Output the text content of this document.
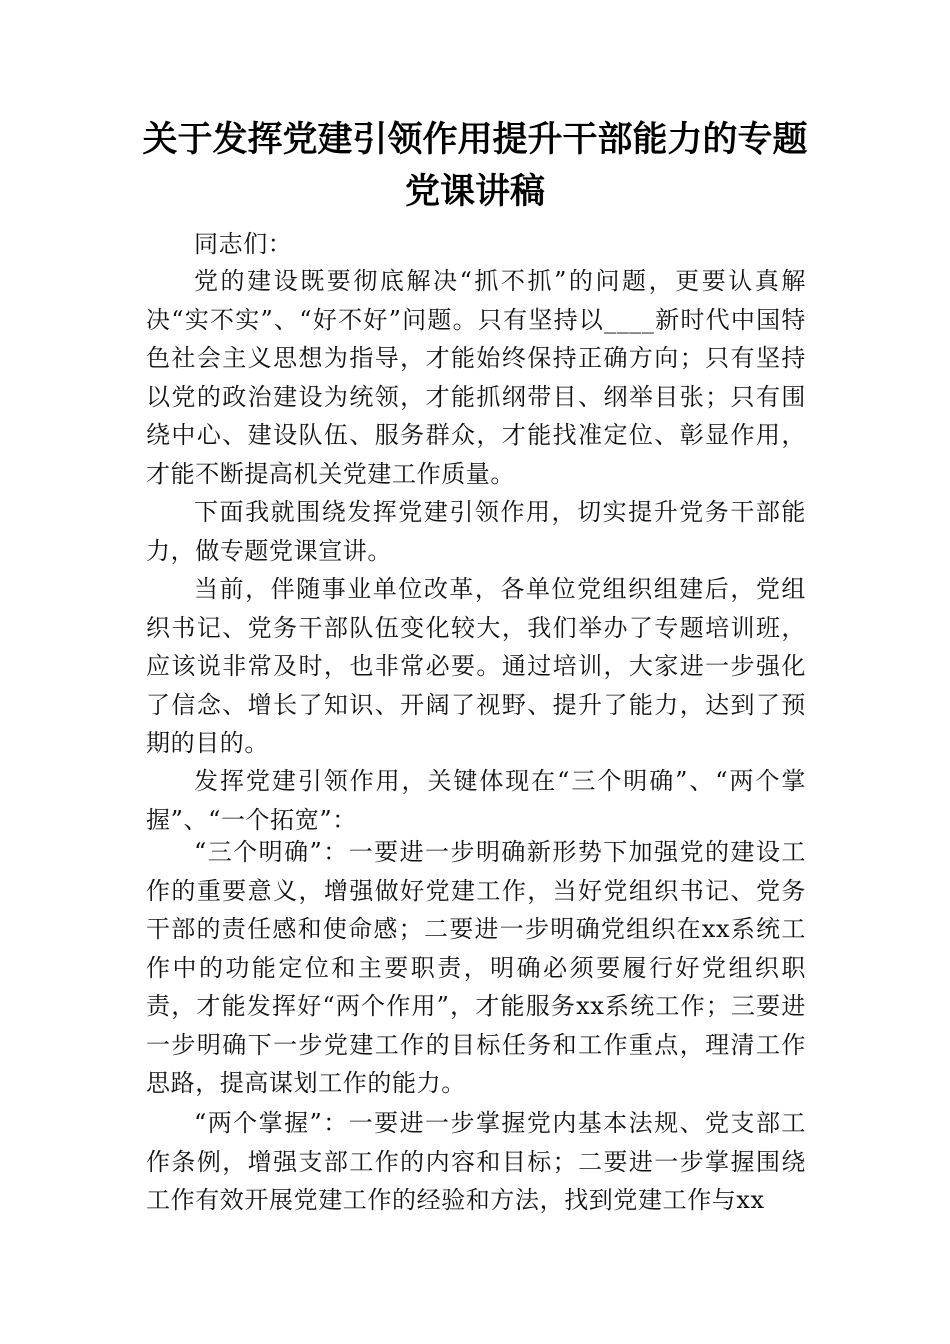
关于发挥党建引领作用提升干部能力的专题
党课讲稿

同志们：

党的建设既要彻底解决“抓不抓”的问题，更要认真解决“实不实”、“好不好”问题。只有坚持以____新时代中国特色社会主义思想为指导，才能始终保持正确方向；只有坚持以党的政治建设为统领，才能抓纲带目、纲举目张；只有围绕中心、建设队伍、服务群众，才能找准定位、彰显作用，才能不断提高机关党建工作质量。

下面我就围绕发挥党建引领作用，切实提升党务干部能力，做专题党课宣讲。

当前，伴随事业单位改革，各单位党组织组建后，党组织书记、党务干部队伍变化较大，我们举办了专题培训班，应该说非常及时，也非常必要。通过培训，大家进一步强化了信念、增长了知识、开阔了视野、提升了能力，达到了预期的目的。

发挥党建引领作用，关键体现在“三个明确”、“两个掌握”、“一个拓宽”：

“三个明确”：一要进一步明确新形势下加强党的建设工作的重要意义，增强做好党建工作，当好党组织书记、党务干部的责任感和使命感；二要进一步明确党组织在xx系统工作中的功能定位和主要职责，明确必须要履行好党组织职责，才能发挥好“两个作用”，才能服务xx系统工作；三要进一步明确下一步党建工作的目标任务和工作重点，理清工作思路，提高谋划工作的能力。

“两个掌握”：一要进一步掌握党内基本法规、党支部工作条例，增强支部工作的内容和目标；二要进一步掌握围绕工作有效开展党建工作的经验和方法，找到党建工作与xx
